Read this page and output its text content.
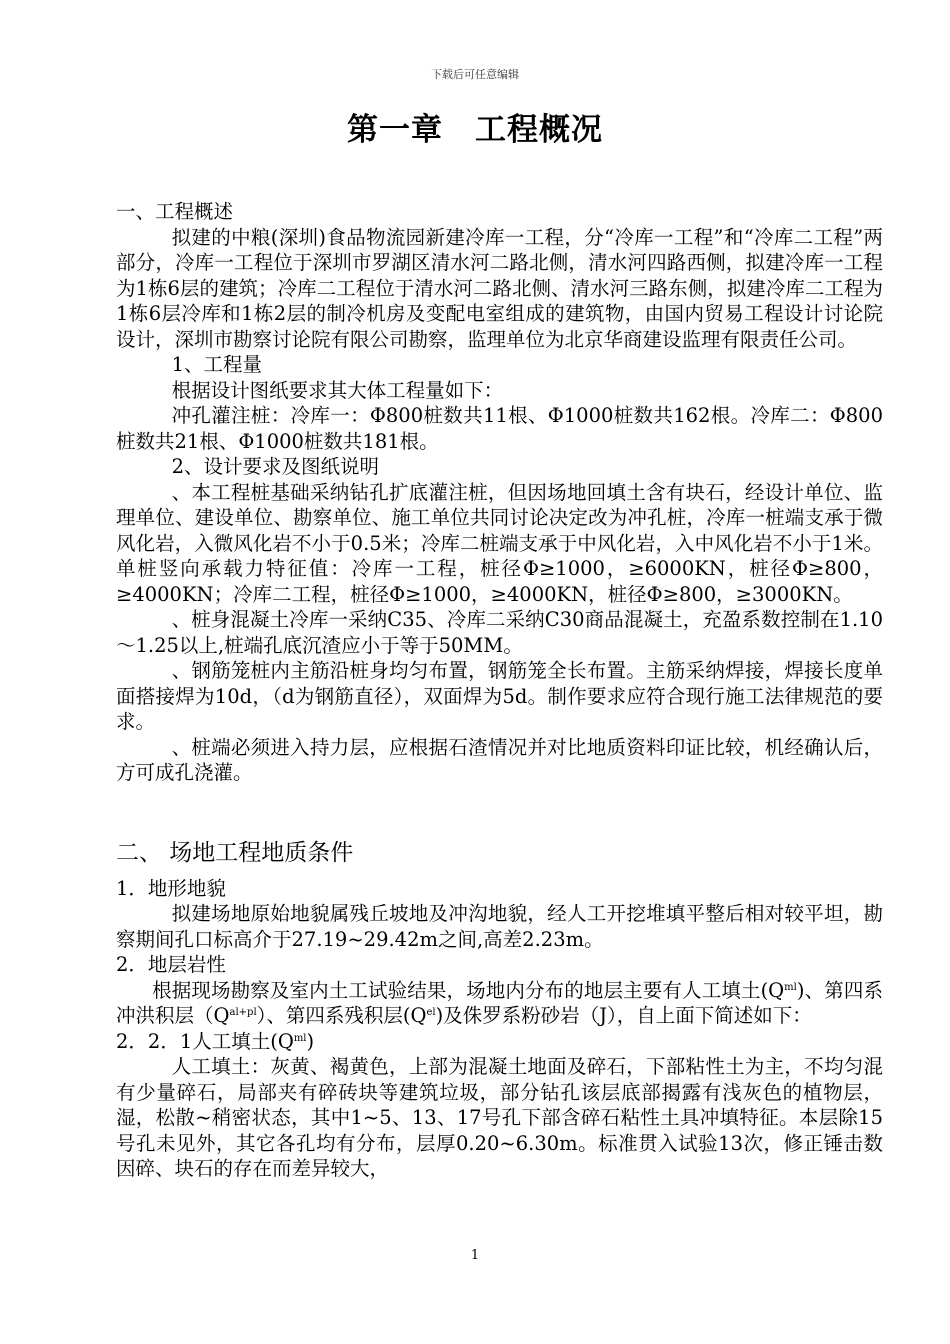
下载后可任意编辑
第一章　工程概况

一、工程概述

拟建的中粮(深圳)食品物流园新建冷库一工程，分“冷库一工程”和“冷库二工程”两部分，冷库一工程位于深圳市罗湖区清水河二路北侧，清水河四路西侧，拟建冷库一工程为1栋6层的建筑；冷库二工程位于清水河二路北侧、清水河三路东侧，拟建冷库二工程为1栋6层冷库和1栋2层的制冷机房及变配电室组成的建筑物，由国内贸易工程设计讨论院设计，深圳市勘察讨论院有限公司勘察，监理单位为北京华商建设监理有限责任公司。

1、工程量

根据设计图纸要求其大体工程量如下：

冲孔灌注桩：冷库一：Φ800桩数共11根、Φ1000桩数共162根。冷库二：Φ800桩数共21根、Φ1000桩数共181根。

2、设计要求及图纸说明

、本工程桩基础采纳钻孔扩底灌注桩，但因场地回填土含有块石，经设计单位、监理单位、建设单位、勘察单位、施工单位共同讨论决定改为冲孔桩，冷库一桩端支承于微风化岩，入微风化岩不小于0.5米；冷库二桩端支承于中风化岩，入中风化岩不小于1米。单桩竖向承载力特征值：冷库一工程，桩径Φ≥1000，≥6000KN，桩径Φ≥800，≥4000KN；冷库二工程，桩径Φ≥1000，≥4000KN，桩径Φ≥800，≥3000KN。

、桩身混凝土冷库一采纳C35、冷库二采纳C30商品混凝土，充盈系数控制在1.10～1.25以上,桩端孔底沉渣应小于等于50MM。

、钢筋笼桩内主筋沿桩身均匀布置，钢筋笼全长布置。主筋采纳焊接，焊接长度单面搭接焊为10d，（d为钢筋直径），双面焊为5d。制作要求应符合现行施工法律规范的要求。

、桩端必须进入持力层，应根据石渣情况并对比地质资料印证比较，机经确认后，方可成孔浇灌。

二、 场地工程地质条件

1．地形地貌

拟建场地原始地貌属残丘坡地及冲沟地貌，经人工开挖堆填平整后相对较平坦，勘察期间孔口标高介于27.19~29.42m之间,高差2.23m。

2．地层岩性

根据现场勘察及室内土工试验结果，场地内分布的地层主要有人工填土$(Q^{ml})$、第四系冲洪积层$(Q^{al+pl})$、第四系残积层$(Q^{el})$及侏罗系粉砂岩（J），自上面下简述如下：

2．2．1人工填土$(Q^{ml})$

人工填土：灰黄、褐黄色，上部为混凝土地面及碎石，下部粘性土为主，不均匀混有少量碎石，局部夹有碎砖块等建筑垃圾，部分钻孔该层底部揭露有浅灰色的植物层，湿，松散~稍密状态，其中1~5、13、17号孔下部含碎石粘性土具冲填特征。本层除15号孔未见外，其它各孔均有分布，层厚0.20~6.30m。标准贯入试验13次，修正锤击数因碎、块石的存在而差异较大，

1
